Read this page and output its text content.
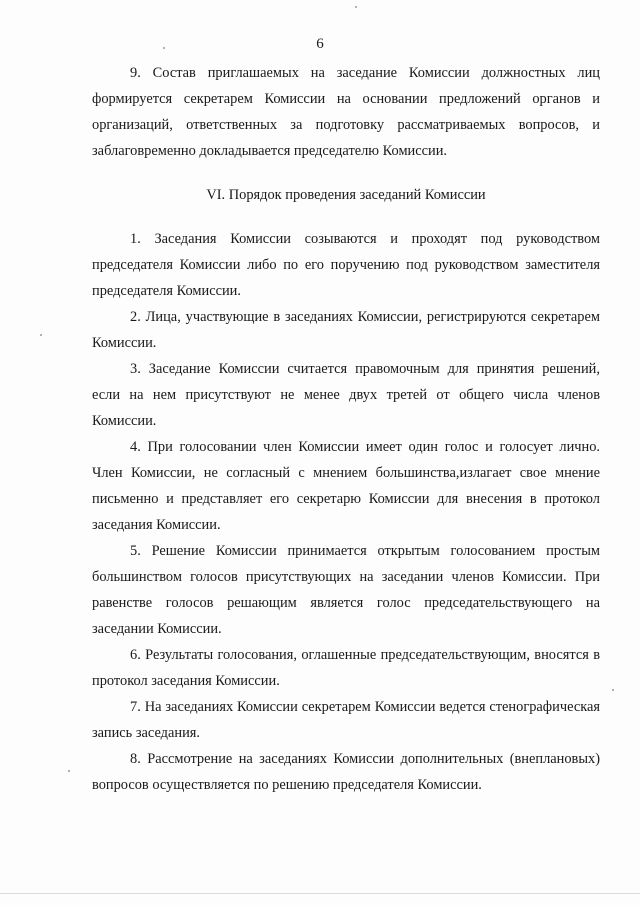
6

9. Состав приглашаемых на заседание Комиссии должностных лиц формируется секретарем Комиссии на основании предложений органов и организаций, ответственных за подготовку рассматриваемых вопросов, и заблаговременно докладывается председателю Комиссии.

VI. Порядок проведения заседаний Комиссии

1. Заседания Комиссии созываются и проходят под руководством председателя Комиссии либо по его поручению под руководством заместителя председателя Комиссии.

2. Лица, участвующие в заседаниях Комиссии, регистрируются секретарем Комиссии.

3. Заседание Комиссии считается правомочным для принятия решений, если на нем присутствуют не менее двух третей от общего числа членов Комиссии.

4. При голосовании член Комиссии имеет один голос и голосует лично. Член Комиссии, не согласный с мнением большинства,излагает свое мнение письменно и представляет его секретарю Комиссии для внесения в протокол заседания Комиссии.

5. Решение Комиссии принимается открытым голосованием простым большинством голосов присутствующих на заседании членов Комиссии. При равенстве голосов решающим является голос председательствующего на заседании Комиссии.

6. Результаты голосования, оглашенные председательствующим, вносятся в протокол заседания Комиссии.

7. На заседаниях Комиссии секретарем Комиссии ведется стенографическая запись заседания.

8. Рассмотрение на заседаниях Комиссии дополнительных (внеплановых) вопросов осуществляется по решению председателя Комиссии.
